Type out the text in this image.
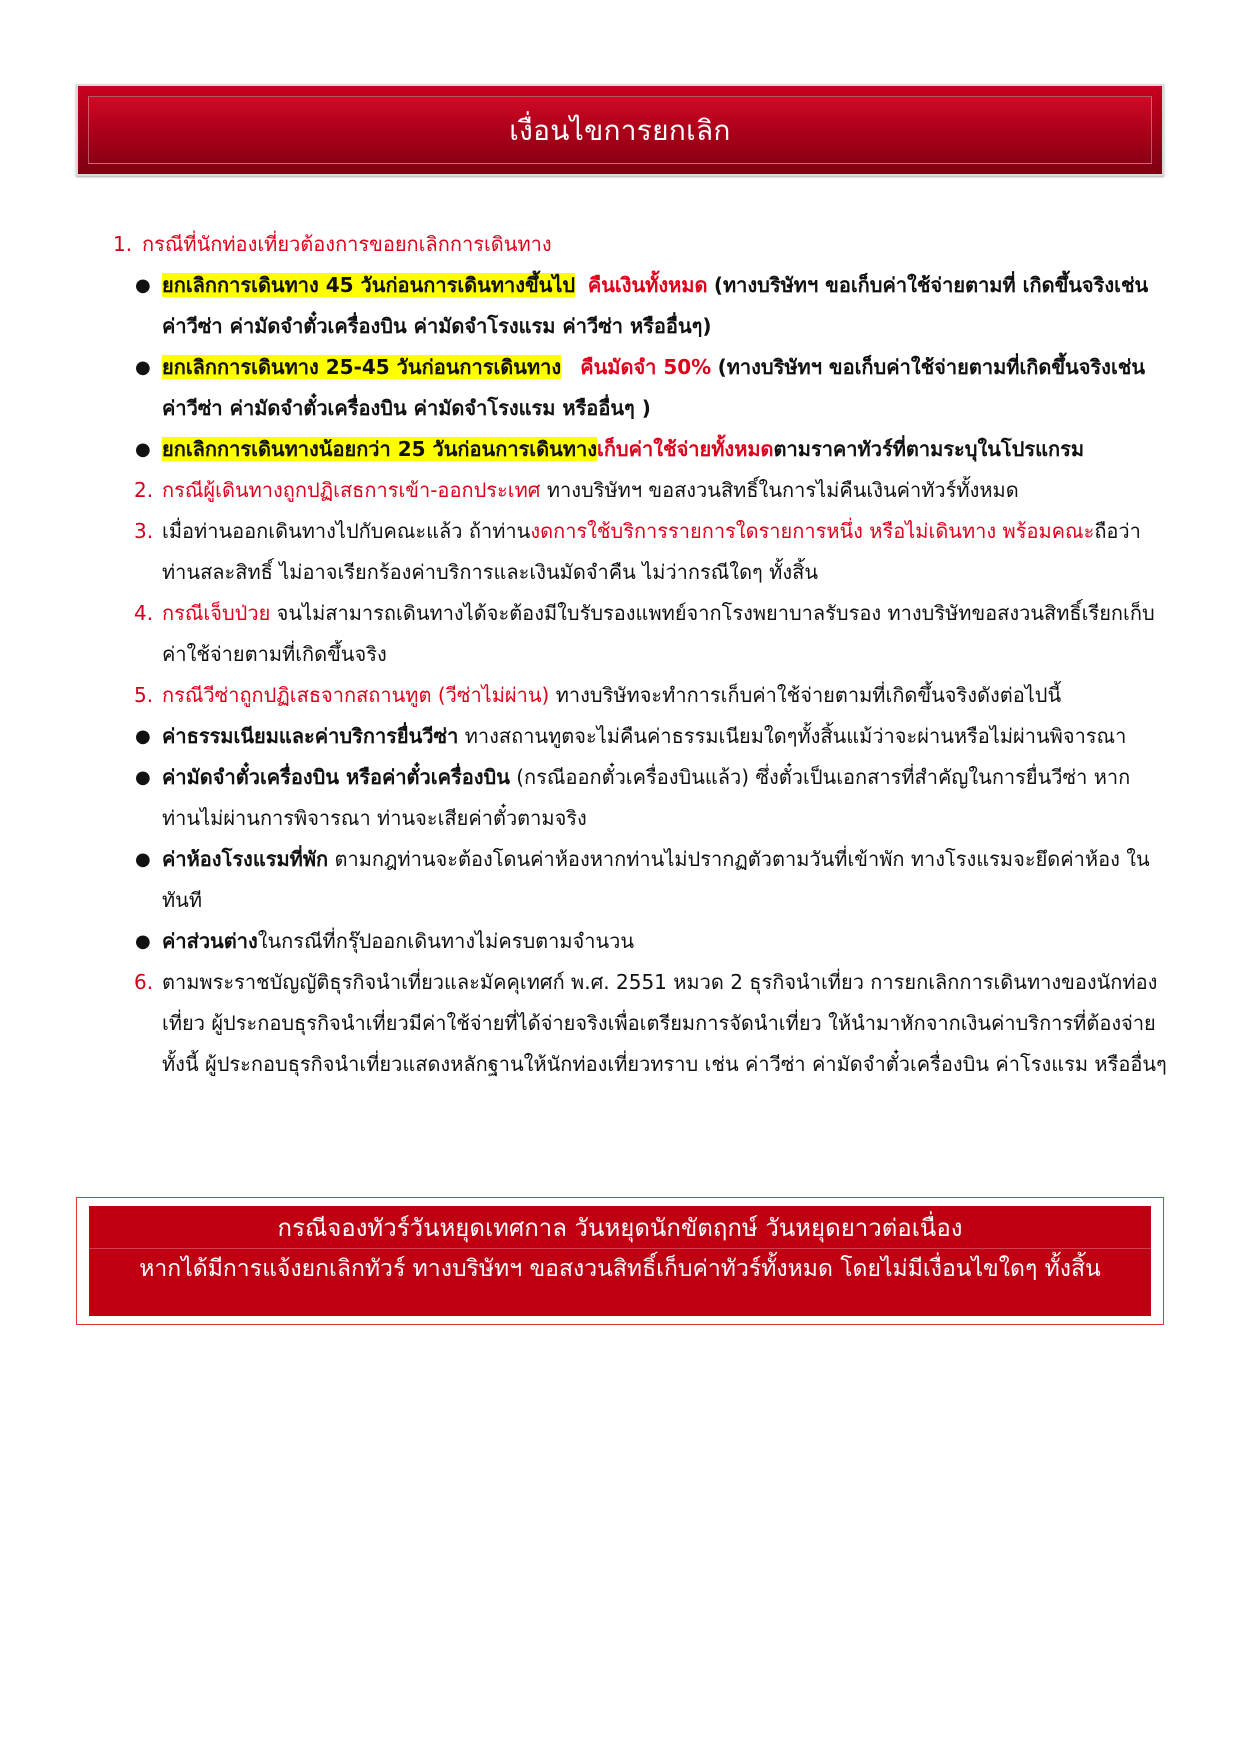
เงื่อนไขการยกเลิก
1. กรณีที่นักท่องเที่ยวต้องการขอยกเลิกการเดินทาง
● ยกเลิกการเดินทาง 45 วันก่อนการเดินทางขึ้นไป คืนเงินทั้งหมด (ทางบริษัทฯ ขอเก็บค่าใช้จ่ายตามที่ เกิดขึ้นจริงเช่น ค่าวีซ่า ค่ามัดจำตั๋วเครื่องบิน ค่ามัดจำโรงแรม ค่าวีซ่า หรืออื่นๆ)
● ยกเลิกการเดินทาง 25-45 วันก่อนการเดินทาง คืนมัดจำ 50% (ทางบริษัทฯ ขอเก็บค่าใช้จ่ายตามที่เกิดขึ้นจริงเช่น ค่าวีซ่า ค่ามัดจำตั๋วเครื่องบิน ค่ามัดจำโรงแรม หรืออื่นๆ )
● ยกเลิกการเดินทางน้อยกว่า 25 วันก่อนการเดินทางเก็บค่าใช้จ่ายทั้งหมดตามราคาทัวร์ที่ตามระบุในโปรแกรม
2. กรณีผู้เดินทางถูกปฏิเสธการเข้า-ออกประเทศ ทางบริษัทฯ ขอสงวนสิทธิ์ในการไม่คืนเงินค่าทัวร์ทั้งหมด
3. เมื่อท่านออกเดินทางไปกับคณะแล้ว ถ้าท่านงดการใช้บริการรายการใดรายการหนึ่ง หรือไม่เดินทาง พร้อมคณะถือว่าท่านสละสิทธิ์ ไม่อาจเรียกร้องค่าบริการและเงินมัดจำคืน ไม่ว่ากรณีใดๆ ทั้งสิ้น
4. กรณีเจ็บป่วย จนไม่สามารถเดินทางได้จะต้องมีใบรับรองแพทย์จากโรงพยาบาลรับรอง ทางบริษัทขอสงวนสิทธิ์เรียกเก็บค่าใช้จ่ายตามที่เกิดขึ้นจริง
5. กรณีวีซ่าถูกปฏิเสธจากสถานทูต (วีซ่าไม่ผ่าน) ทางบริษัทจะทำการเก็บค่าใช้จ่ายตามที่เกิดขึ้นจริงดังต่อไปนี้
● ค่าธรรมเนียมและค่าบริการยื่นวีซ่า ทางสถานทูตจะไม่คืนค่าธรรมเนียมใดๆทั้งสิ้นแม้ว่าจะผ่านหรือไม่ผ่านพิจารณา
● ค่ามัดจำตั๋วเครื่องบิน หรือค่าตั๋วเครื่องบิน (กรณีออกตั๋วเครื่องบินแล้ว) ซึ่งตั๋วเป็นเอกสารที่สำคัญในการยื่นวีซ่า หากท่านไม่ผ่านการพิจารณา ท่านจะเสียค่าตั๋วตามจริง
● ค่าห้องโรงแรมที่พัก ตามกฎท่านจะต้องโดนค่าห้องหากท่านไม่ปรากฏตัวตามวันที่เข้าพัก ทางโรงแรมจะยึดค่าห้อง ในทันที
● ค่าส่วนต่างในกรณีที่กรุ๊ปออกเดินทางไม่ครบตามจำนวน
6. ตามพระราชบัญญัติธุรกิจนำเที่ยวและมัคคุเทศก์ พ.ศ. 2551 หมวด 2 ธุรกิจนำเที่ยว การยกเลิกการเดินทางของนักท่องเที่ยว ผู้ประกอบธุรกิจนำเที่ยวมีค่าใช้จ่ายที่ได้จ่ายจริงเพื่อเตรียมการจัดนำเที่ยว ให้นำมาหักจากเงินค่าบริการที่ต้องจ่าย ทั้งนี้ ผู้ประกอบธุรกิจนำเที่ยวแสดงหลักฐานให้นักท่องเที่ยวทราบ เช่น ค่าวีซ่า ค่ามัดจำตั๋วเครื่องบิน ค่าโรงแรม หรืออื่นๆ
กรณีจองทัวร์วันหยุดเทศกาล วันหยุดนักขัตฤกษ์ วันหยุดยาวต่อเนื่อง
หากได้มีการแจ้งยกเลิกทัวร์ ทางบริษัทฯ ขอสงวนสิทธิ์เก็บค่าทัวร์ทั้งหมด โดยไม่มีเงื่อนไขใดๆ ทั้งสิ้น
